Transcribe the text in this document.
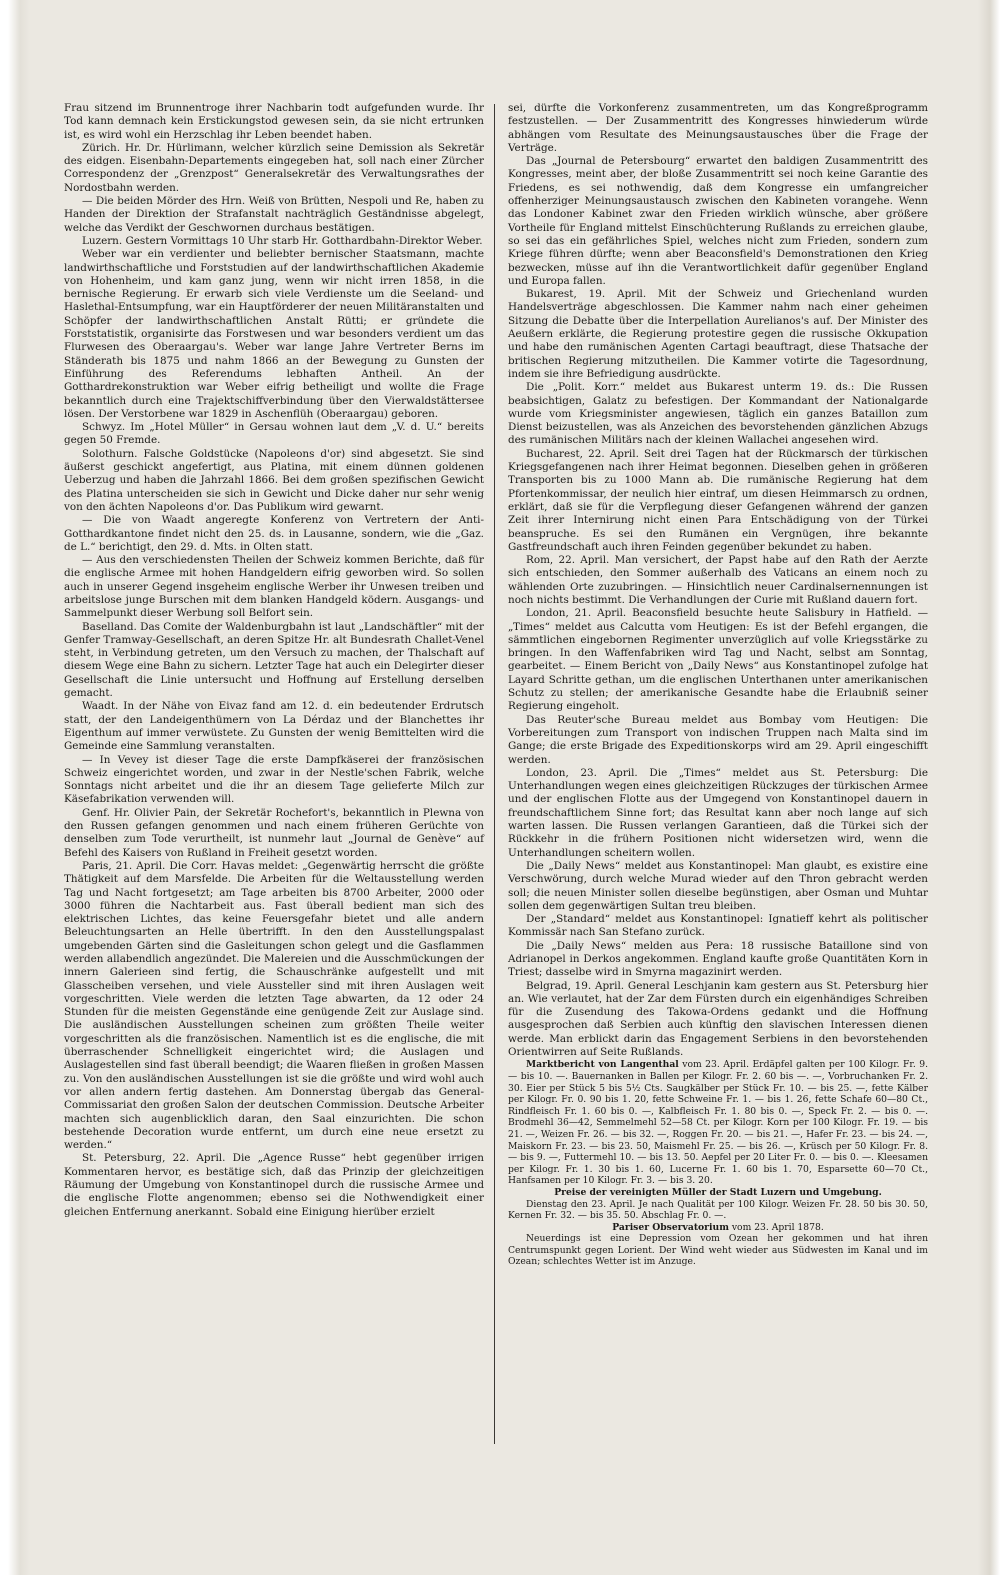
Frau sitzend im Brunnentroge ihrer Nachbarin todt aufgefunden wurde. Ihr Tod kann demnach kein Erstickungstod gewesen sein, da sie nicht ertrunken ist, es wird wohl ein Herzschlag ihr Leben beendet haben.

Zürich. Hr. Dr. Hürlimann, welcher kürzlich seine Demission als Sekretär des eidgen. Eisenbahn-Departements eingegeben hat, soll nach einer Zürcher Correspondenz der „Grenzpost“ Generalsekretär des Verwaltungsrathes der Nordostbahn werden.

— Die beiden Mörder des Hrn. Weiß von Brütten, Nespoli und Re, haben zu Handen der Direktion der Strafanstalt nachträglich Geständnisse abgelegt, welche das Verdikt der Geschwornen durchaus bestätigen.

Luzern. Gestern Vormittags 10 Uhr starb Hr. Gotthardbahn-Direktor Weber.

Weber war ein verdienter und beliebter bernischer Staatsmann, machte landwirthschaftliche und Forststudien auf der landwirthschaftlichen Akademie von Hohenheim, und kam ganz jung, wenn wir nicht irren 1858, in die bernische Regierung. Er erwarb sich viele Verdienste um die Seeland- und Haslethal-Entsumpfung, war ein Hauptförderer der neuen Militäranstalten und Schöpfer der landwirthschaftlichen Anstalt Rütti; er gründete die Forststatistik, organisirte das Forstwesen und war besonders verdient um das Flurwesen des Oberaargau's. Weber war lange Jahre Vertreter Berns im Ständerath bis 1875 und nahm 1866 an der Bewegung zu Gunsten der Einführung des Referendums lebhaften Antheil. An der Gotthardrekonstruktion war Weber eifrig betheiligt und wollte die Frage bekanntlich durch eine Trajektschiffverbindung über den Vierwaldstättersee lösen. Der Verstorbene war 1829 in Aschenflüh (Oberaargau) geboren.

Schwyz. Im „Hotel Müller“ in Gersau wohnen laut dem „V. d. U.“ bereits gegen 50 Fremde.

Solothurn. Falsche Goldstücke (Napoleons d'or) sind abgesetzt. Sie sind äußerst geschickt angefertigt, aus Platina, mit einem dünnen goldenen Ueberzug und haben die Jahrzahl 1866. Bei dem großen spezifischen Gewicht des Platina unterscheiden sie sich in Gewicht und Dicke daher nur sehr wenig von den ächten Napoleons d'or. Das Publikum wird gewarnt.

— Die von Waadt angeregte Konferenz von Vertretern der Anti-Gotthardkantone findet nicht den 25. ds. in Lausanne, sondern, wie die „Gaz. de L.“ berichtigt, den 29. d. Mts. in Olten statt.

— Aus den verschiedensten Theilen der Schweiz kommen Berichte, daß für die englische Armee mit hohen Handgeldern eifrig geworben wird. So sollen auch in unserer Gegend insgeheim englische Werber ihr Unwesen treiben und arbeitslose junge Burschen mit dem blanken Handgeld ködern. Ausgangs- und Sammelpunkt dieser Werbung soll Belfort sein.

Baselland. Das Comite der Waldenburgbahn ist laut „Landschäftler“ mit der Genfer Tramway-Gesellschaft, an deren Spitze Hr. alt Bundesrath Challet-Venel steht, in Verbindung getreten, um den Versuch zu machen, der Thalschaft auf diesem Wege eine Bahn zu sichern. Letzter Tage hat auch ein Delegirter dieser Gesellschaft die Linie untersucht und Hoffnung auf Erstellung derselben gemacht.

Waadt. In der Nähe von Eivaz fand am 12. d. ein bedeutender Erdrutsch statt, der den Landeigenthümern von La Dérdaz und der Blanchettes ihr Eigenthum auf immer verwüstete. Zu Gunsten der wenig Bemittelten wird die Gemeinde eine Sammlung veranstalten.

— In Vevey ist dieser Tage die erste Dampfkäserei der französischen Schweiz eingerichtet worden, und zwar in der Nestle'schen Fabrik, welche Sonntags nicht arbeitet und die ihr an diesem Tage gelieferte Milch zur Käsefabrikation verwenden will.

Genf. Hr. Olivier Pain, der Sekretär Rochefort's, bekanntlich in Plewna von den Russen gefangen genommen und nach einem früheren Gerüchte von denselben zum Tode verurtheilt, ist nunmehr laut „Journal de Genève“ auf Befehl des Kaisers von Rußland in Freiheit gesetzt worden.

Paris, 21. April. Die Corr. Havas meldet: „Gegenwärtig herrscht die größte Thätigkeit auf dem Marsfelde. Die Arbeiten für die Weltausstellung werden Tag und Nacht fortgesetzt; am Tage arbeiten bis 8700 Arbeiter, 2000 oder 3000 führen die Nachtarbeit aus. Fast überall bedient man sich des elektrischen Lichtes, das keine Feuersgefahr bietet und alle andern Beleuchtungsarten an Helle übertrifft. In den den Ausstellungspalast umgebenden Gärten sind die Gasleitungen schon gelegt und die Gasflammen werden allabendlich angezündet. Die Malereien und die Ausschmückungen der innern Galerieen sind fertig, die Schauschränke aufgestellt und mit Glasscheiben versehen, und viele Aussteller sind mit ihren Auslagen weit vorgeschritten. Viele werden die letzten Tage abwarten, da 12 oder 24 Stunden für die meisten Gegenstände eine genügende Zeit zur Auslage sind. Die ausländischen Ausstellungen scheinen zum größten Theile weiter vorgeschritten als die französischen. Namentlich ist es die englische, die mit überraschender Schnelligkeit eingerichtet wird; die Auslagen und Auslagestellen sind fast überall beendigt; die Waaren fließen in großen Massen zu. Von den ausländischen Ausstellungen ist sie die größte und wird wohl auch vor allen andern fertig dastehen. Am Donnerstag übergab das General-Commissariat den großen Salon der deutschen Commission. Deutsche Arbeiter machten sich augenblicklich daran, den Saal einzurichten. Die schon bestehende Decoration wurde entfernt, um durch eine neue ersetzt zu werden.“

St. Petersburg, 22. April. Die „Agence Russe“ hebt gegenüber irrigen Kommentaren hervor, es bestätige sich, daß das Prinzip der gleichzeitigen Räumung der Umgebung von Konstantinopel durch die russische Armee und die englische Flotte angenommen; ebenso sei die Nothwendigkeit einer gleichen Entfernung anerkannt. Sobald eine Einigung hierüber erzielt

sei, dürfte die Vorkonferenz zusammentreten, um das Kongreßprogramm festzustellen. — Der Zusammentritt des Kongresses hinwiederum würde abhängen vom Resultate des Meinungsaustausches über die Frage der Verträge.

Das „Journal de Petersbourg“ erwartet den baldigen Zusammentritt des Kongresses, meint aber, der bloße Zusammentritt sei noch keine Garantie des Friedens, es sei nothwendig, daß dem Kongresse ein umfangreicher offenherziger Meinungsaustausch zwischen den Kabineten vorangehe. Wenn das Londoner Kabinet zwar den Frieden wirklich wünsche, aber größere Vortheile für England mittelst Einschüchterung Rußlands zu erreichen glaube, so sei das ein gefährliches Spiel, welches nicht zum Frieden, sondern zum Kriege führen dürfte; wenn aber Beaconsfield's Demonstrationen den Krieg bezwecken, müsse auf ihn die Verantwortlichkeit dafür gegenüber England und Europa fallen.

Bukarest, 19. April. Mit der Schweiz und Griechenland wurden Handelsverträge abgeschlossen. Die Kammer nahm nach einer geheimen Sitzung die Debatte über die Interpellation Aurelianos's auf. Der Minister des Aeußern erklärte, die Regierung protestire gegen die russische Okkupation und habe den rumänischen Agenten Cartagi beauftragt, diese Thatsache der britischen Regierung mitzutheilen. Die Kammer votirte die Tagesordnung, indem sie ihre Befriedigung ausdrückte.

Die „Polit. Korr.“ meldet aus Bukarest unterm 19. ds.: Die Russen beabsichtigen, Galatz zu befestigen. Der Kommandant der Nationalgarde wurde vom Kriegsminister angewiesen, täglich ein ganzes Bataillon zum Dienst beizustellen, was als Anzeichen des bevorstehenden gänzlichen Abzugs des rumänischen Militärs nach der kleinen Wallachei angesehen wird.

Bucharest, 22. April. Seit drei Tagen hat der Rückmarsch der türkischen Kriegsgefangenen nach ihrer Heimat begonnen. Dieselben gehen in größeren Transporten bis zu 1000 Mann ab. Die rumänische Regierung hat dem Pfortenkommissar, der neulich hier eintraf, um diesen Heimmarsch zu ordnen, erklärt, daß sie für die Verpflegung dieser Gefangenen während der ganzen Zeit ihrer Internirung nicht einen Para Entschädigung von der Türkei beanspruche. Es sei den Rumänen ein Vergnügen, ihre bekannte Gastfreundschaft auch ihren Feinden gegenüber bekundet zu haben.

Rom, 22. April. Man versichert, der Papst habe auf den Rath der Aerzte sich entschieden, den Sommer außerhalb des Vaticans an einem noch zu wählenden Orte zuzubringen. — Hinsichtlich neuer Cardinalsernennungen ist noch nichts bestimmt. Die Verhandlungen der Curie mit Rußland dauern fort.

London, 21. April. Beaconsfield besuchte heute Salisbury in Hatfield. — „Times“ meldet aus Calcutta vom Heutigen: Es ist der Befehl ergangen, die sämmtlichen eingebornen Regimenter unverzüglich auf volle Kriegsstärke zu bringen. In den Waffenfabriken wird Tag und Nacht, selbst am Sonntag, gearbeitet. — Einem Bericht von „Daily News“ aus Konstantinopel zufolge hat Layard Schritte gethan, um die englischen Unterthanen unter amerikanischen Schutz zu stellen; der amerikanische Gesandte habe die Erlaubniß seiner Regierung eingeholt.

Das Reuter'sche Bureau meldet aus Bombay vom Heutigen: Die Vorbereitungen zum Transport von indischen Truppen nach Malta sind im Gange; die erste Brigade des Expeditionskorps wird am 29. April eingeschifft werden.

London, 23. April. Die „Times“ meldet aus St. Petersburg: Die Unterhandlungen wegen eines gleichzeitigen Rückzuges der türkischen Armee und der englischen Flotte aus der Umgegend von Konstantinopel dauern in freundschaftlichem Sinne fort; das Resultat kann aber noch lange auf sich warten lassen. Die Russen verlangen Garantieen, daß die Türkei sich der Rückkehr in die frühern Positionen nicht widersetzen wird, wenn die Unterhandlungen scheitern wollen.

Die „Daily News“ meldet aus Konstantinopel: Man glaubt, es existire eine Verschwörung, durch welche Murad wieder auf den Thron gebracht werden soll; die neuen Minister sollen dieselbe begünstigen, aber Osman und Muhtar sollen dem gegenwärtigen Sultan treu bleiben.

Der „Standard“ meldet aus Konstantinopel: Ignatieff kehrt als politischer Kommissär nach San Stefano zurück.

Die „Daily News“ melden aus Pera: 18 russische Bataillone sind von Adrianopel in Derkos angekommen. England kaufte große Quantitäten Korn in Triest; dasselbe wird in Smyrna magazinirt werden.

Belgrad, 19. April. General Leschjanin kam gestern aus St. Petersburg hier an. Wie verlautet, hat der Zar dem Fürsten durch ein eigenhändiges Schreiben für die Zusendung des Takowa-Ordens gedankt und die Hoffnung ausgesprochen daß Serbien auch künftig den slavischen Interessen dienen werde. Man erblickt darin das Engagement Serbiens in den bevorstehenden Orientwirren auf Seite Rußlands.

Marktbericht von Langenthal vom 23. April. Erdäpfel galten per 100 Kilogr. Fr. 9. — bis 10. —. Bauernanken in Ballen per Kilogr. Fr. 2. 60 bis —. —, Vorbruchanken Fr. 2. 30. Eier per Stück 5 bis 5½ Cts. Saugkälber per Stück Fr. 10. — bis 25. —, fette Kälber per Kilogr. Fr. 0. 90 bis 1. 20, fette Schweine Fr. 1. — bis 1. 26, fette Schafe 60—80 Ct., Rindfleisch Fr. 1. 60 bis 0. —, Kalbfleisch Fr. 1. 80 bis 0. —, Speck Fr. 2. — bis 0. —. Brodmehl 36—42, Semmelmehl 52—58 Ct. per Kilogr. Korn per 100 Kilogr. Fr. 19. — bis 21. —, Weizen Fr. 26. — bis 32. —, Roggen Fr. 20. — bis 21. —, Hafer Fr. 23. — bis 24. —, Maiskorn Fr. 23. — bis 23. 50, Maismehl Fr. 25. — bis 26. —, Krüsch per 50 Kilogr. Fr. 8. — bis 9. —, Futtermehl 10. — bis 13. 50. Aepfel per 20 Liter Fr. 0. — bis 0. —. Kleesamen per Kilogr. Fr. 1. 30 bis 1. 60, Lucerne Fr. 1. 60 bis 1. 70, Esparsette 60—70 Ct., Hanfsamen per 10 Kilogr. Fr. 3. — bis 3. 20.

Preise der vereinigten Müller der Stadt Luzern und Umgebung.

Dienstag den 23. April. Je nach Qualität per 100 Kilogr. Weizen Fr. 28. 50 bis 30. 50, Kernen Fr. 32. — bis 35. 50. Abschlag Fr. 0. —.

Pariser Observatorium vom 23. April 1878.

Neuerdings ist eine Depression vom Ozean her gekommen und hat ihren Centrumspunkt gegen Lorient. Der Wind weht wieder aus Südwesten im Kanal und im Ozean; schlechtes Wetter ist im Anzuge.
